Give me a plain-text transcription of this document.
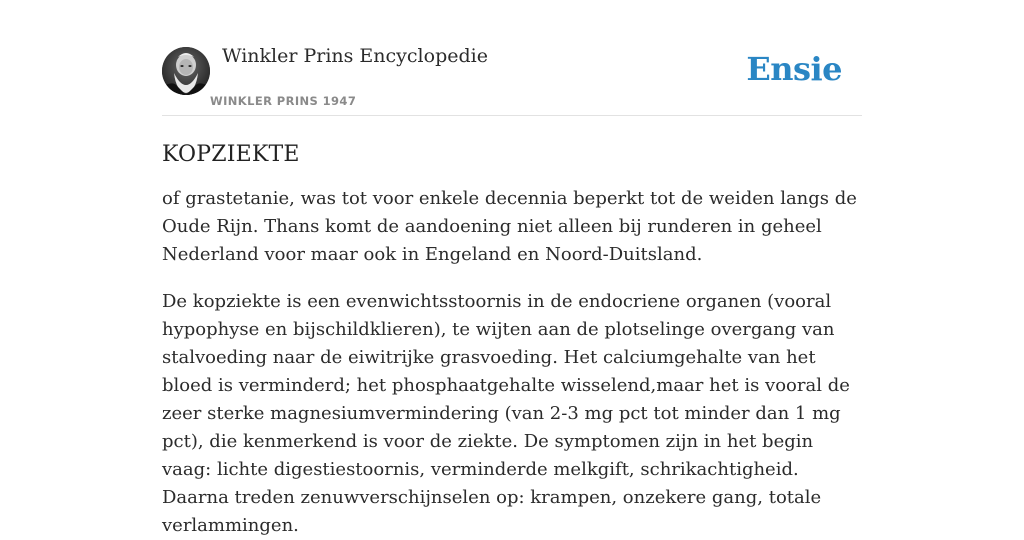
Winkler Prins Encyclopedie
WINKLER PRINS 1947
Ensie
KOPZIEKTE

of grastetanie, was tot voor enkele decennia beperkt tot de weiden langs de Oude Rijn. Thans komt de aandoening niet alleen bij runderen in geheel Nederland voor maar ook in Engeland en Noord-Duitsland.

De kopziekte is een evenwichtsstoornis in de endocriene organen (vooral hypophyse en bijschildklieren), te wijten aan de plotselinge overgang van stalvoeding naar de eiwitrijke grasvoeding. Het calciumgehalte van het bloed is verminderd; het phosphaatgehalte wisselend,maar het is vooral de zeer sterke magnesiumvermindering (van 2-3 mg pct tot minder dan 1 mg pct), die kenmerkend is voor de ziekte. De symptomen zijn in het begin vaag: lichte digestiestoornis, verminderde melkgift, schrikachtigheid. Daarna treden zenuwverschijnselen op: krampen, onzekere gang, totale verlammingen.
